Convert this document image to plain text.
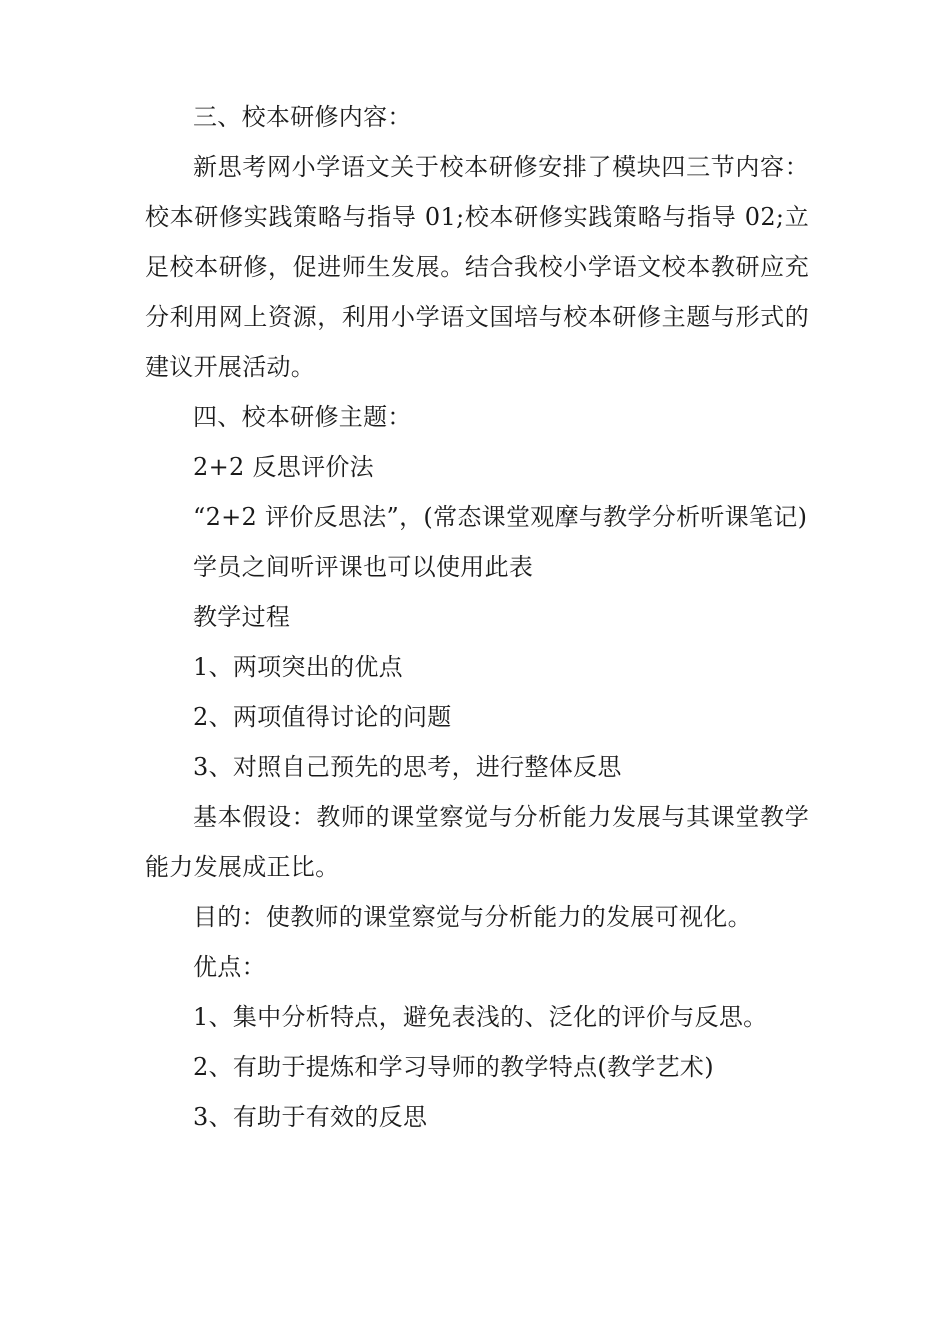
三、校本研修内容：

新思考网小学语文关于校本研修安排了模块四三节内容：校本研修实践策略与指导 01;校本研修实践策略与指导 02;立足校本研修，促进师生发展。结合我校小学语文校本教研应充分利用网上资源，利用小学语文国培与校本研修主题与形式的建议开展活动。

四、校本研修主题：

2+2 反思评价法

“2+2 评价反思法”，(常态课堂观摩与教学分析听课笔记)

学员之间听评课也可以使用此表

教学过程

1、两项突出的优点

2、两项值得讨论的问题

3、对照自己预先的思考，进行整体反思

基本假设：教师的课堂察觉与分析能力发展与其课堂教学能力发展成正比。

目的：使教师的课堂察觉与分析能力的发展可视化。

优点：

1、集中分析特点，避免表浅的、泛化的评价与反思。

2、有助于提炼和学习导师的教学特点(教学艺术)

3、有助于有效的反思
